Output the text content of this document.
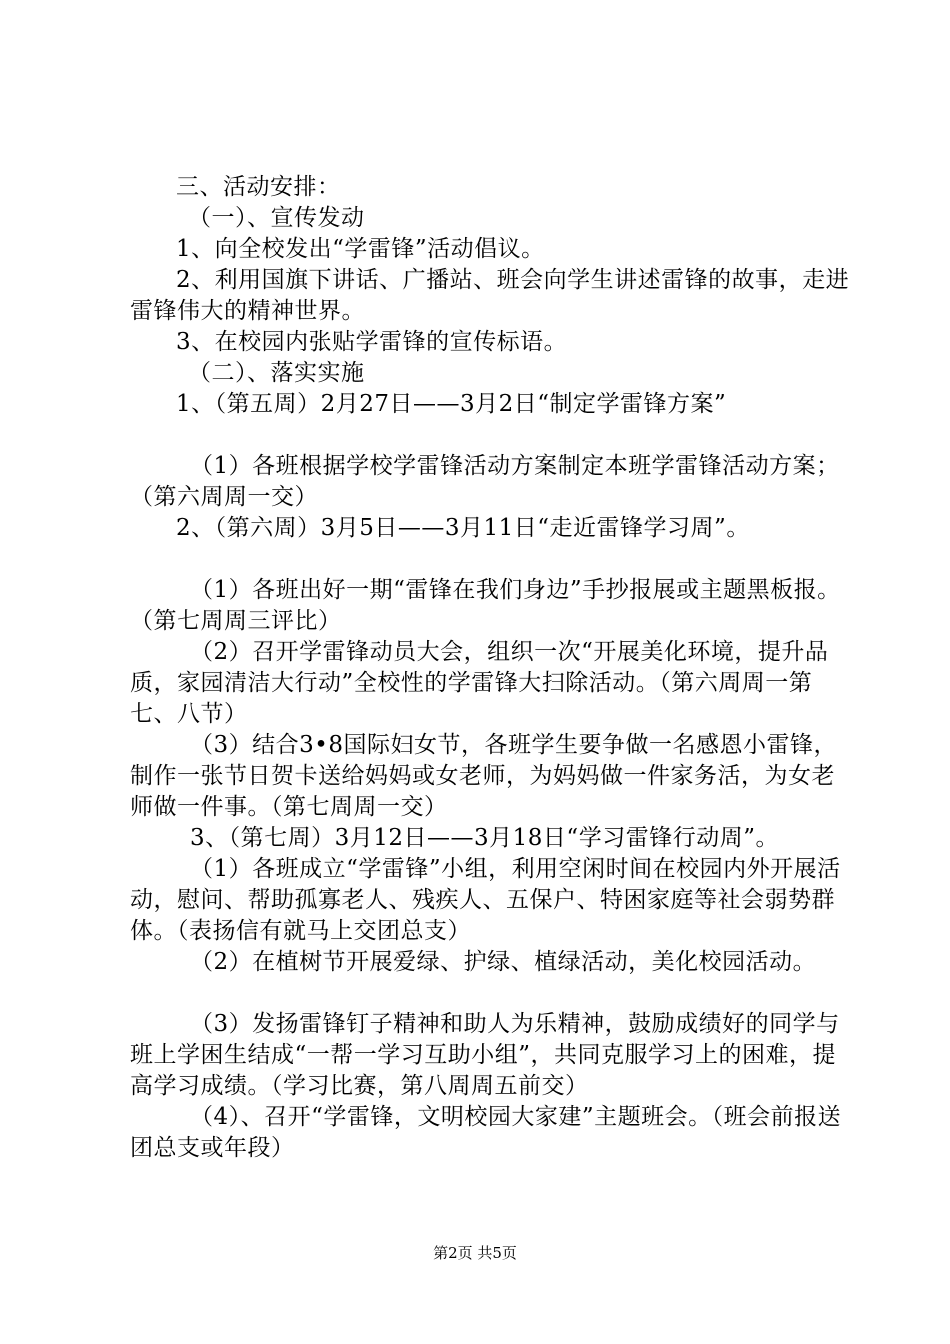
三、活动安排：

（一）、宣传发动

1、向全校发出“学雷锋”活动倡议。

2、利用国旗下讲话、广播站、班会向学生讲述雷锋的故事，走进雷锋伟大的精神世界。

3、在校园内张贴学雷锋的宣传标语。

（二）、落实实施

1、（第五周）2月27日——3月2日“制定学雷锋方案”

（1）各班根据学校学雷锋活动方案制定本班学雷锋活动方案；（第六周周一交）

2、（第六周）3月5日——3月11日“走近雷锋学习周”。

（1）各班出好一期“雷锋在我们身边”手抄报展或主题黑板报。（第七周周三评比）

（2）召开学雷锋动员大会，组织一次“开展美化环境，提升品质，家园清洁大行动”全校性的学雷锋大扫除活动。（第六周周一第七、八节）

（3）结合3•8国际妇女节，各班学生要争做一名感恩小雷锋，制作一张节日贺卡送给妈妈或女老师，为妈妈做一件家务活，为女老师做一件事。（第七周周一交）

3、（第七周）3月12日——3月18日“学习雷锋行动周”。

（1）各班成立“学雷锋”小组，利用空闲时间在校园内外开展活动，慰问、帮助孤寡老人、残疾人、五保户、特困家庭等社会弱势群体。（表扬信有就马上交团总支）

（2）在植树节开展爱绿、护绿、植绿活动，美化校园活动。

（3）发扬雷锋钉子精神和助人为乐精神，鼓励成绩好的同学与班上学困生结成“一帮一学习互助小组”，共同克服学习上的困难，提高学习成绩。（学习比赛，第八周周五前交）

（4）、召开“学雷锋，文明校园大家建”主题班会。（班会前报送团总支或年段）

第2页 共5页
